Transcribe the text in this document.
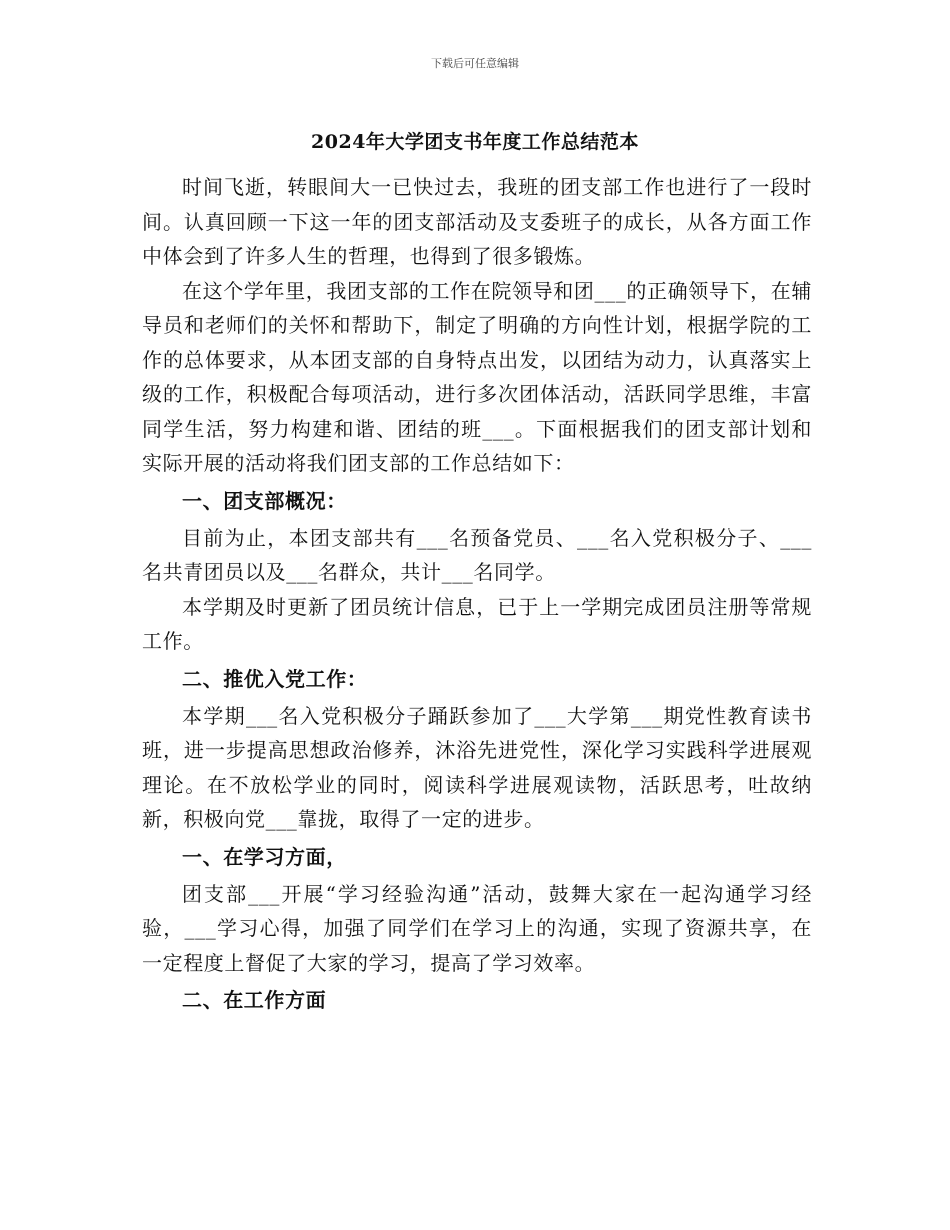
下载后可任意编辑
2024年大学团支书年度工作总结范本

时间飞逝，转眼间大一已快过去，我班的团支部工作也进行了一段时间。认真回顾一下这一年的团支部活动及支委班子的成长，从各方面工作中体会到了许多人生的哲理，也得到了很多锻炼。

在这个学年里，我团支部的工作在院领导和团___的正确领导下，在辅导员和老师们的关怀和帮助下，制定了明确的方向性计划，根据学院的工作的总体要求，从本团支部的自身特点出发，以团结为动力，认真落实上级的工作，积极配合每项活动，进行多次团体活动，活跃同学思维，丰富同学生活，努力构建和谐、团结的班___。下面根据我们的团支部计划和实际开展的活动将我们团支部的工作总结如下：

一、团支部概况：

目前为止，本团支部共有___名预备党员、___名入党积极分子、___名共青团员以及___名群众，共计___名同学。

本学期及时更新了团员统计信息，已于上一学期完成团员注册等常规工作。

二、推优入党工作：

本学期___名入党积极分子踊跃参加了___大学第___期党性教育读书班，进一步提高思想政治修养，沐浴先进党性，深化学习实践科学进展观理论。在不放松学业的同时，阅读科学进展观读物，活跃思考，吐故纳新，积极向党___靠拢，取得了一定的进步。

一、在学习方面，

团支部___开展“学习经验沟通”活动，鼓舞大家在一起沟通学习经验，___学习心得，加强了同学们在学习上的沟通，实现了资源共享，在一定程度上督促了大家的学习，提高了学习效率。

二、在工作方面
